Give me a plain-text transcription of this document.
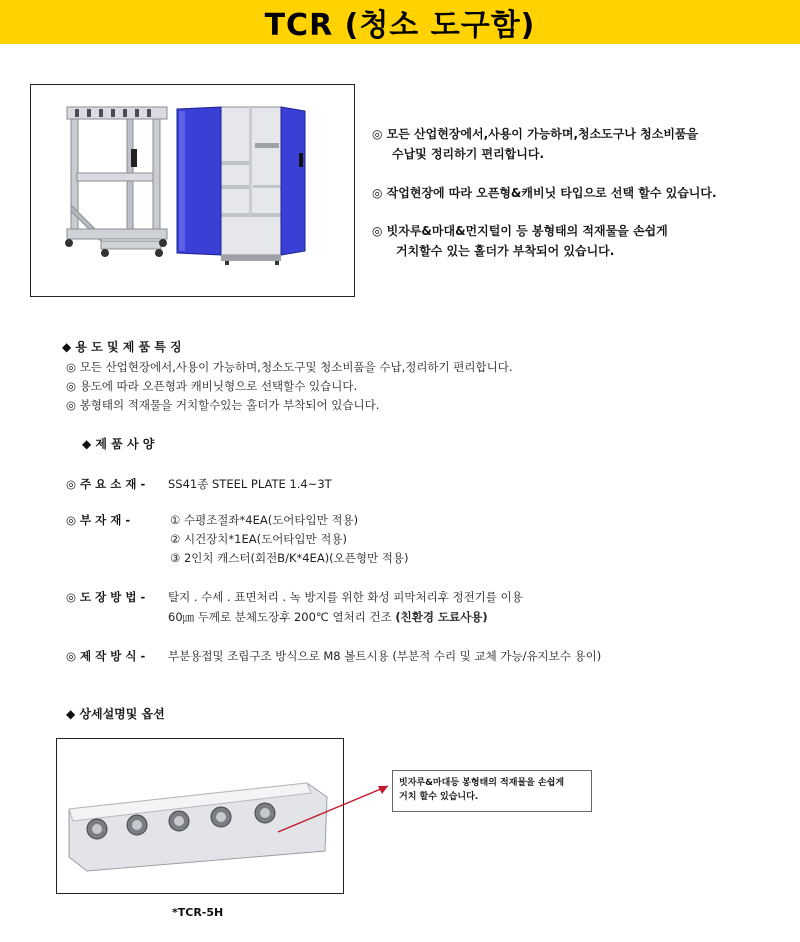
TCR (청소 도구함)
◎ 모든 산업현장에서,사용이 가능하며,청소도구나 청소비품을
수납및 정리하기 편리합니다.
◎ 작업현장에 따라 오픈형&캐비닛 타입으로 선택 할수 있습니다.
◎ 빗자루&마대&먼지털이 등 봉형태의 적재물을 손쉽게
거치할수 있는 홀더가 부착되어 있습니다.
◆ 용 도 및 제 품 특 징
◎ 모든 산업현장에서,사용이 가능하며,청소도구및 청소비품을 수납,정리하기 편리합니다.
◎ 용도에 따라 오픈형과 캐비닛형으로 선택할수 있습니다.
◎ 봉형태의 적재물을 거치할수있는 홀더가 부착되어 있습니다.
◆ 제 품 사 양
◎ 주 요 소 재 - SS41종 STEEL PLATE 1.4~3T
◎ 부 자 재 -	① 수평조절좌*4EA(도어타입만 적용)
② 시건장치*1EA(도어타입만 적용)
③ 2인치 캐스터(회전B/K*4EA)(오픈형만 적용)
◎ 도 장 방 법 - 탈지 . 수세 . 표면처리 . 녹 방지를 위한 화성 피막처리후 정전기를 이용
60㎛ 두께로 분체도장후 200℃ 열처리 건조 (친환경 도료사용)
◎ 제 작 방 식 - 부분용접및 조립구조 방식으로 M8 볼트시용 (부분적 수리 및 교체 가능/유지보수 용이)
◆ 상세설명및 옵션
빗자루&마대등 봉형태의 적재물을 손쉽게
거치 할수 있습니다.
*TCR-5H
